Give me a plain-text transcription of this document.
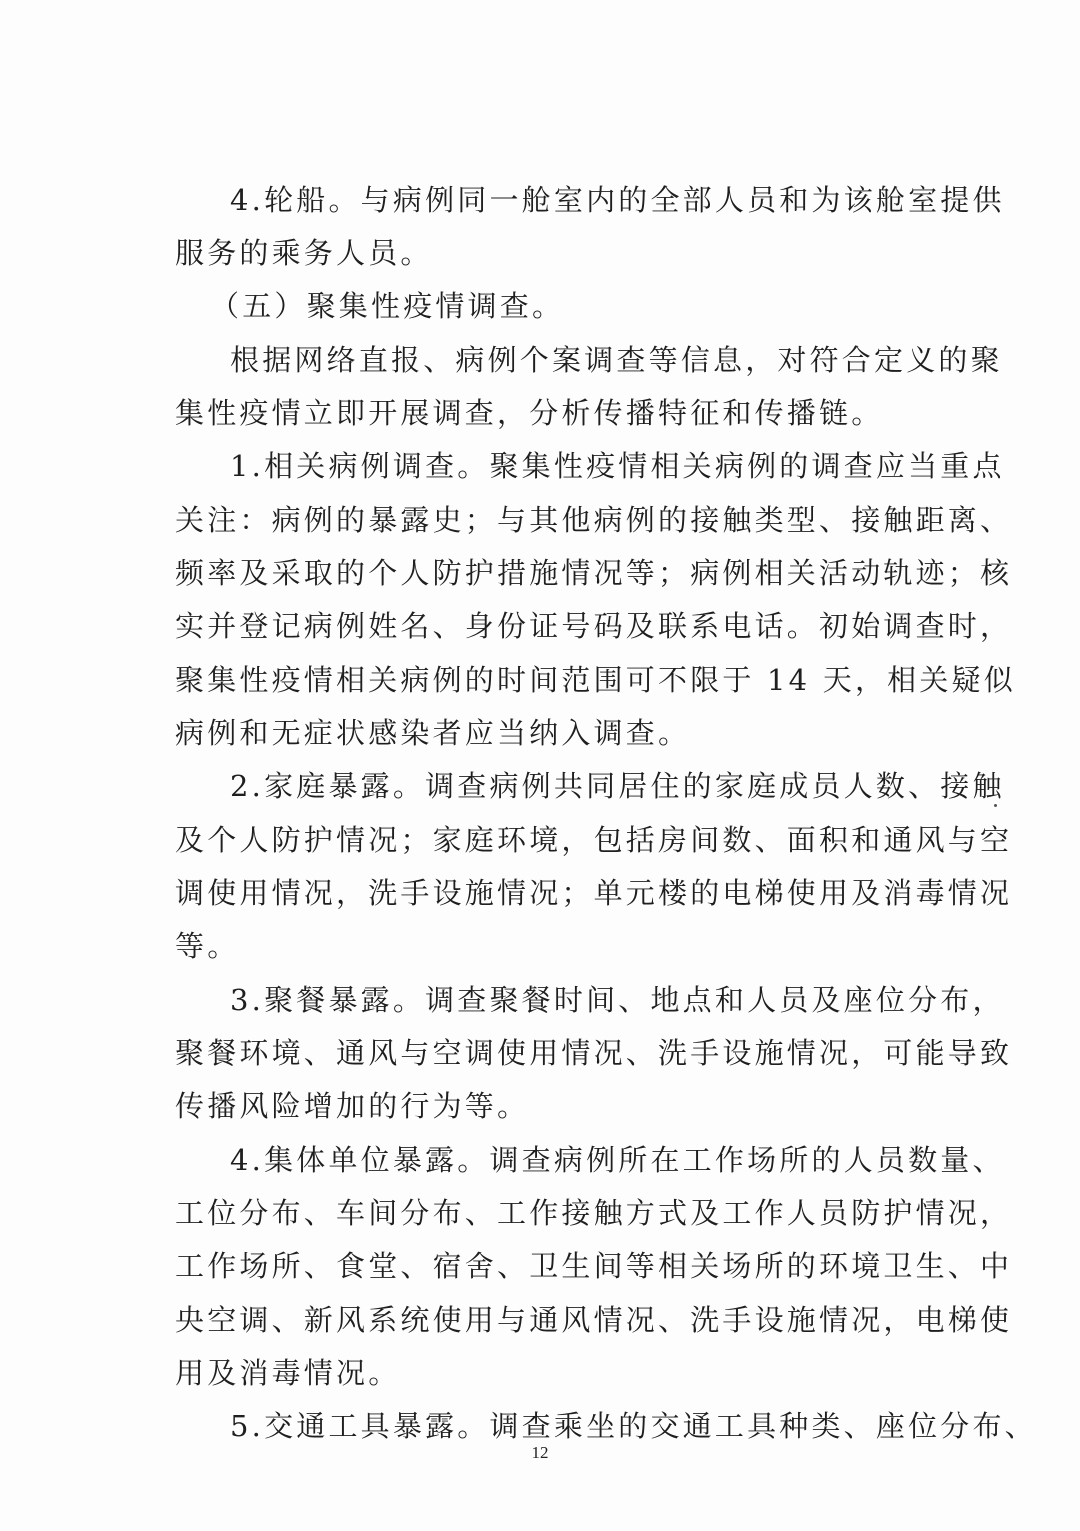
4.轮船。与病例同一舱室内的全部人员和为该舱室提供
服务的乘务人员。
（五）聚集性疫情调查。
根据网络直报、病例个案调查等信息，对符合定义的聚
集性疫情立即开展调查，分析传播特征和传播链。
1.相关病例调查。聚集性疫情相关病例的调查应当重点
关注：病例的暴露史；与其他病例的接触类型、接触距离、
频率及采取的个人防护措施情况等；病例相关活动轨迹；核
实并登记病例姓名、身份证号码及联系电话。初始调查时，
聚集性疫情相关病例的时间范围可不限于 14 天，相关疑似
病例和无症状感染者应当纳入调查。
2.家庭暴露。调查病例共同居住的家庭成员人数、接触
及个人防护情况；家庭环境，包括房间数、面积和通风与空
调使用情况，洗手设施情况；单元楼的电梯使用及消毒情况
等。
3.聚餐暴露。调查聚餐时间、地点和人员及座位分布，
聚餐环境、通风与空调使用情况、洗手设施情况，可能导致
传播风险增加的行为等。
4.集体单位暴露。调查病例所在工作场所的人员数量、
工位分布、车间分布、工作接触方式及工作人员防护情况，
工作场所、食堂、宿舍、卫生间等相关场所的环境卫生、中
央空调、新风系统使用与通风情况、洗手设施情况，电梯使
用及消毒情况。
5.交通工具暴露。调查乘坐的交通工具种类、座位分布、
12
